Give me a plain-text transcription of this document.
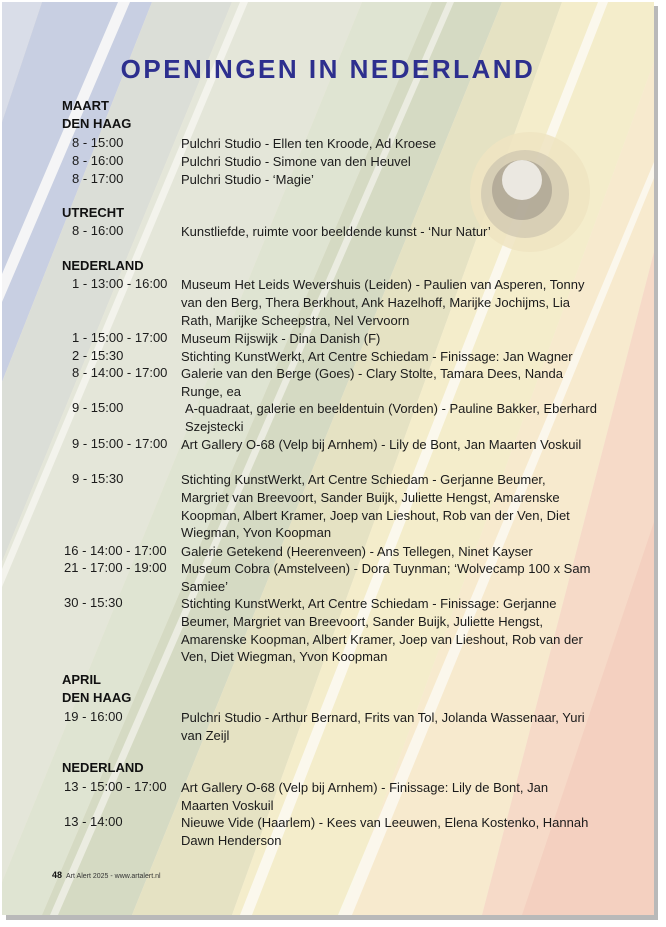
OPENINGEN IN NEDERLAND
MAART
DEN HAAG
8 - 15:00	Pulchri Studio - Ellen ten Kroode, Ad Kroese
8 - 16:00	Pulchri Studio - Simone van den Heuvel
8 - 17:00	Pulchri Studio - ‘Magie’
UTRECHT
8 - 16:00	Kunstliefde, ruimte voor beeldende kunst - ‘Nur Natur’
NEDERLAND
1 - 13:00 - 16:00 Museum Het Leids Wevershuis (Leiden) - Paulien van Asperen, Tonny van den Berg, Thera Berkhout, Ank Hazelhoff, Marijke Jochijms, Lia Rath, Marijke Scheepstra, Nel Vervoorn
1 - 15:00 - 17:00 Museum Rijswijk - Dina Danish (F)
2 - 15:30	Stichting KunstWerkt, Art Centre Schiedam - Finissage: Jan Wagner
8 - 14:00 - 17:00 Galerie van den Berge (Goes) - Clary Stolte, Tamara Dees, Nanda Runge, ea
9 - 15:00	A-quadraat, galerie en beeldentuin (Vorden) - Pauline Bakker, Eberhard Szejstecki
9 - 15:00 - 17:00 Art Gallery O-68 (Velp bij Arnhem) - Lily de Bont, Jan Maarten Voskuil
9 - 15:30	Stichting KunstWerkt, Art Centre Schiedam - Gerjanne Beumer, Margriet van Breevoort, Sander Buijk, Juliette Hengst, Amarenske Koopman, Albert Kramer, Joep van Lieshout, Rob van der Ven, Diet Wiegman, Yvon Koopman
16 - 14:00 - 17:00 Galerie Getekend (Heerenveen) - Ans Tellegen, Ninet Kayser
21 - 17:00 - 19:00 Museum Cobra (Amstelveen) - Dora Tuynman; ‘Wolvecamp 100 x Sam Samiee’
30 - 15:30	Stichting KunstWerkt, Art Centre Schiedam - Finissage: Gerjanne Beumer, Margriet van Breevoort, Sander Buijk, Juliette Hengst, Amarenske Koopman, Albert Kramer, Joep van Lieshout, Rob van der Ven, Diet Wiegman, Yvon Koopman
APRIL
DEN HAAG
19 - 16:00	Pulchri Studio - Arthur Bernard, Frits van Tol, Jolanda Wassenaar, Yuri van Zeijl
NEDERLAND
13 - 15:00 - 17:00 Art Gallery O-68 (Velp bij Arnhem) - Finissage: Lily de Bont, Jan Maarten Voskuil
13 - 14:00	Nieuwe Vide (Haarlem) - Kees van Leeuwen, Elena Kostenko, Hannah Dawn Henderson
48 Art Alert 2025 - www.artalert.nl
